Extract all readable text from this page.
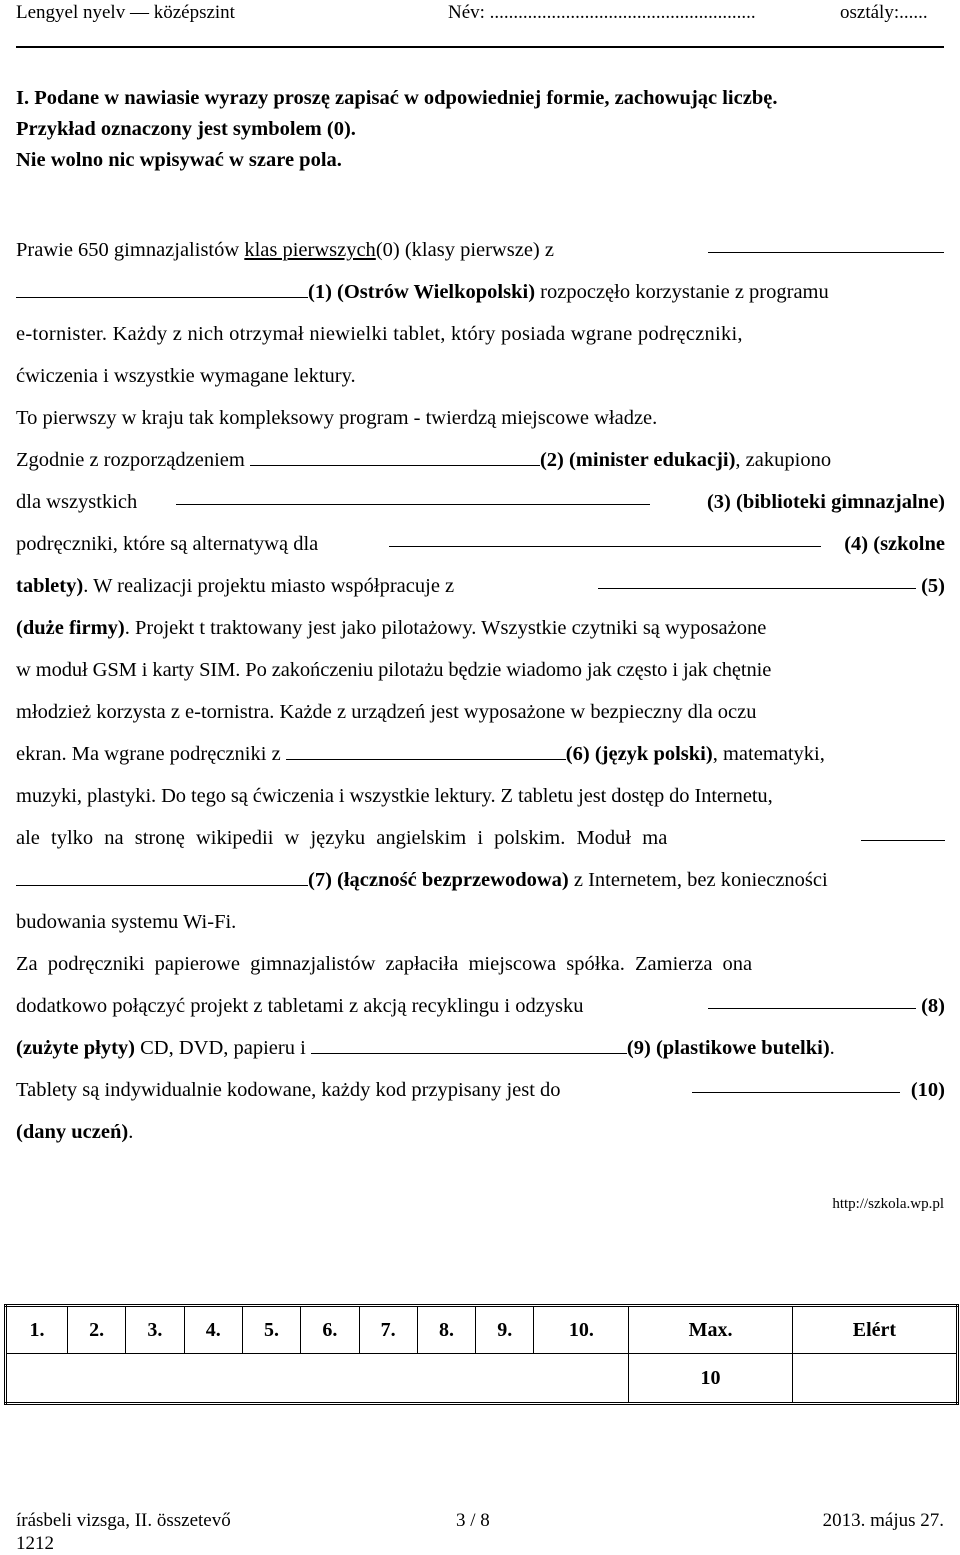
Lengyel nyelv — középszint	Név: ........................................................	osztály:......
I. Podane w nawiasie wyrazy proszę zapisać w odpowiedniej formie, zachowując liczbę.
Przykład oznaczony jest symbolem (0).
Nie wolno nic wpisywać w szare pola.
Prawie 650 gimnazjalistów klas pierwszych(0) (klasy pierwsze) z
(1) (Ostrów Wielkopolski) rozpoczęło korzystanie z programu
e-tornister. Każdy z nich otrzymał niewielki tablet, który posiada wgrane podręczniki,
ćwiczenia i wszystkie wymagane lektury.
To pierwszy w kraju tak kompleksowy program - twierdzą miejscowe władze.
Zgodnie z rozporządzeniem	(2) (minister edukacji), zakupiono
dla wszystkich	(3) (biblioteki gimnazjalne)
podręczniki, które są alternatywą dla	(4) (szkolne
tablety). W realizacji projektu miasto współpracuje z	(5)
(duże firmy). Projekt t traktowany jest jako pilotażowy. Wszystkie czytniki są wyposażone
w moduł GSM i karty SIM. Po zakończeniu pilotażu będzie wiadomo jak często i jak chętnie
młodzież korzysta z e-tornistra. Każde z urządzeń jest wyposażone w bezpieczny dla oczu
ekran. Ma wgrane podręczniki z	(6) (język polski), matematyki,
muzyki, plastyki. Do tego są ćwiczenia i wszystkie lektury. Z tabletu jest dostęp do Internetu,
ale tylko na stronę wikipedii w języku angielskim i polskim. Moduł ma
(7) (łączność bezprzewodowa) z Internetem, bez konieczności
budowania systemu Wi-Fi.
Za podręczniki papierowe gimnazjalistów zapłaciła miejscowa spółka. Zamierza ona
dodatkowo połączyć projekt z tabletami z akcją recyklingu i odzysku	(8)
(zużyte płyty) CD, DVD, papieru i	(9) (plastikowe butelki).
Tablety są indywidualnie kodowane, każdy kod przypisany jest do	(10)
(dany uczeń).
http://szkola.wp.pl
1.	2.	3.	4.	5.	6.	7.	8.	9.	10.	Max.	Elért
										10	
írásbeli vizsga, II. összetevő	3 / 8	2013. május 27.
1212
